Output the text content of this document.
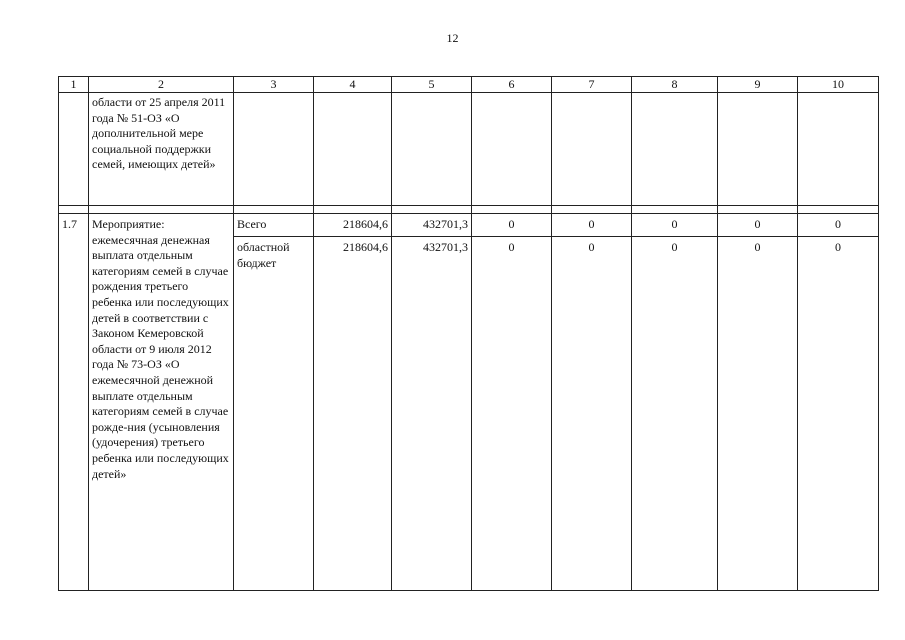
12
1	2	3	4	5	6	7	8	9	10
	области от 25 апреля 2011 года № 51-ОЗ «О дополнительной мере социальной поддержки семей, имеющих детей»								

1.7	Мероприятие: ежемесячная денежная выплата отдельным категориям семей в случае рождения третьего ребенка или последующих детей в соответствии с Законом Кемеровской области от 9 июля 2012 года № 73-ОЗ «О ежемесячной денежной выплате отдельным категориям семей в случае рожде-ния (усыновления (удочерения) третьего ребенка или последующих детей»	Всего	218604,6	432701,3	0	0	0	0	0
		областной бюджет	218604,6	432701,3	0	0	0	0	0
